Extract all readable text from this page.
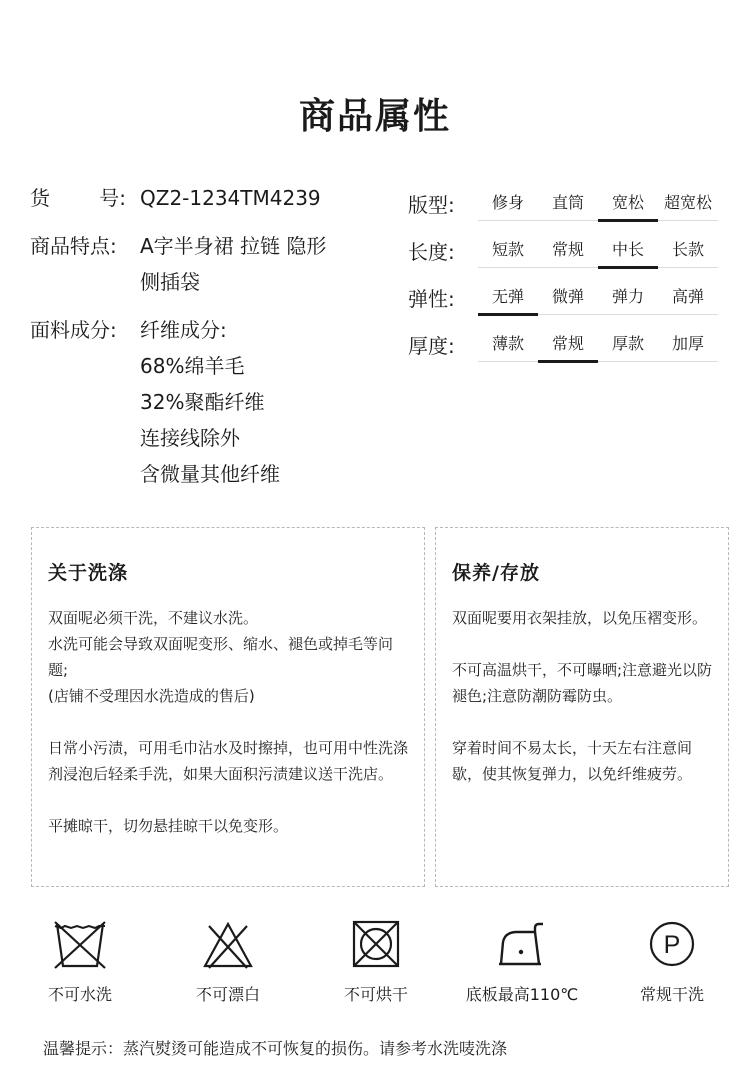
商品属性
货 号: QZ2-1234TM4239
商品特点:	A字半身裙 拉链 隐形
侧插袋
面料成分:	纤维成分:
68%绵羊毛
32%聚酯纤维
连接线除外
含微量其他纤维
版型:	修身	直筒	宽松	超宽松
长度:	短款	常规	中长	长款
弹性:	无弹	微弹	弹力	高弹
厚度:	薄款	常规	厚款	加厚
关于洗涤

双面呢必须干洗，不建议水洗。
水洗可能会导致双面呢变形、缩水、褪色或掉毛等问题;
(店铺不受理因水洗造成的售后)

日常小污渍，可用毛巾沾水及时擦掉，也可用中性洗涤剂浸泡后轻柔手洗，如果大面积污渍建议送干洗店。

平摊晾干，切勿悬挂晾干以免变形。

保养/存放

双面呢要用衣架挂放，以免压褶变形。

不可高温烘干，不可曝晒;注意避光以防褪色;注意防潮防霉防虫。

穿着时间不易太长，十天左右注意间歇，使其恢复弹力，以免纤维疲劳。

不可水洗	不可漂白	不可烘干	底板最高110℃
P
常规干洗
温馨提示：蒸汽熨烫可能造成不可恢复的损伤。请参考水洗唛洗涤
